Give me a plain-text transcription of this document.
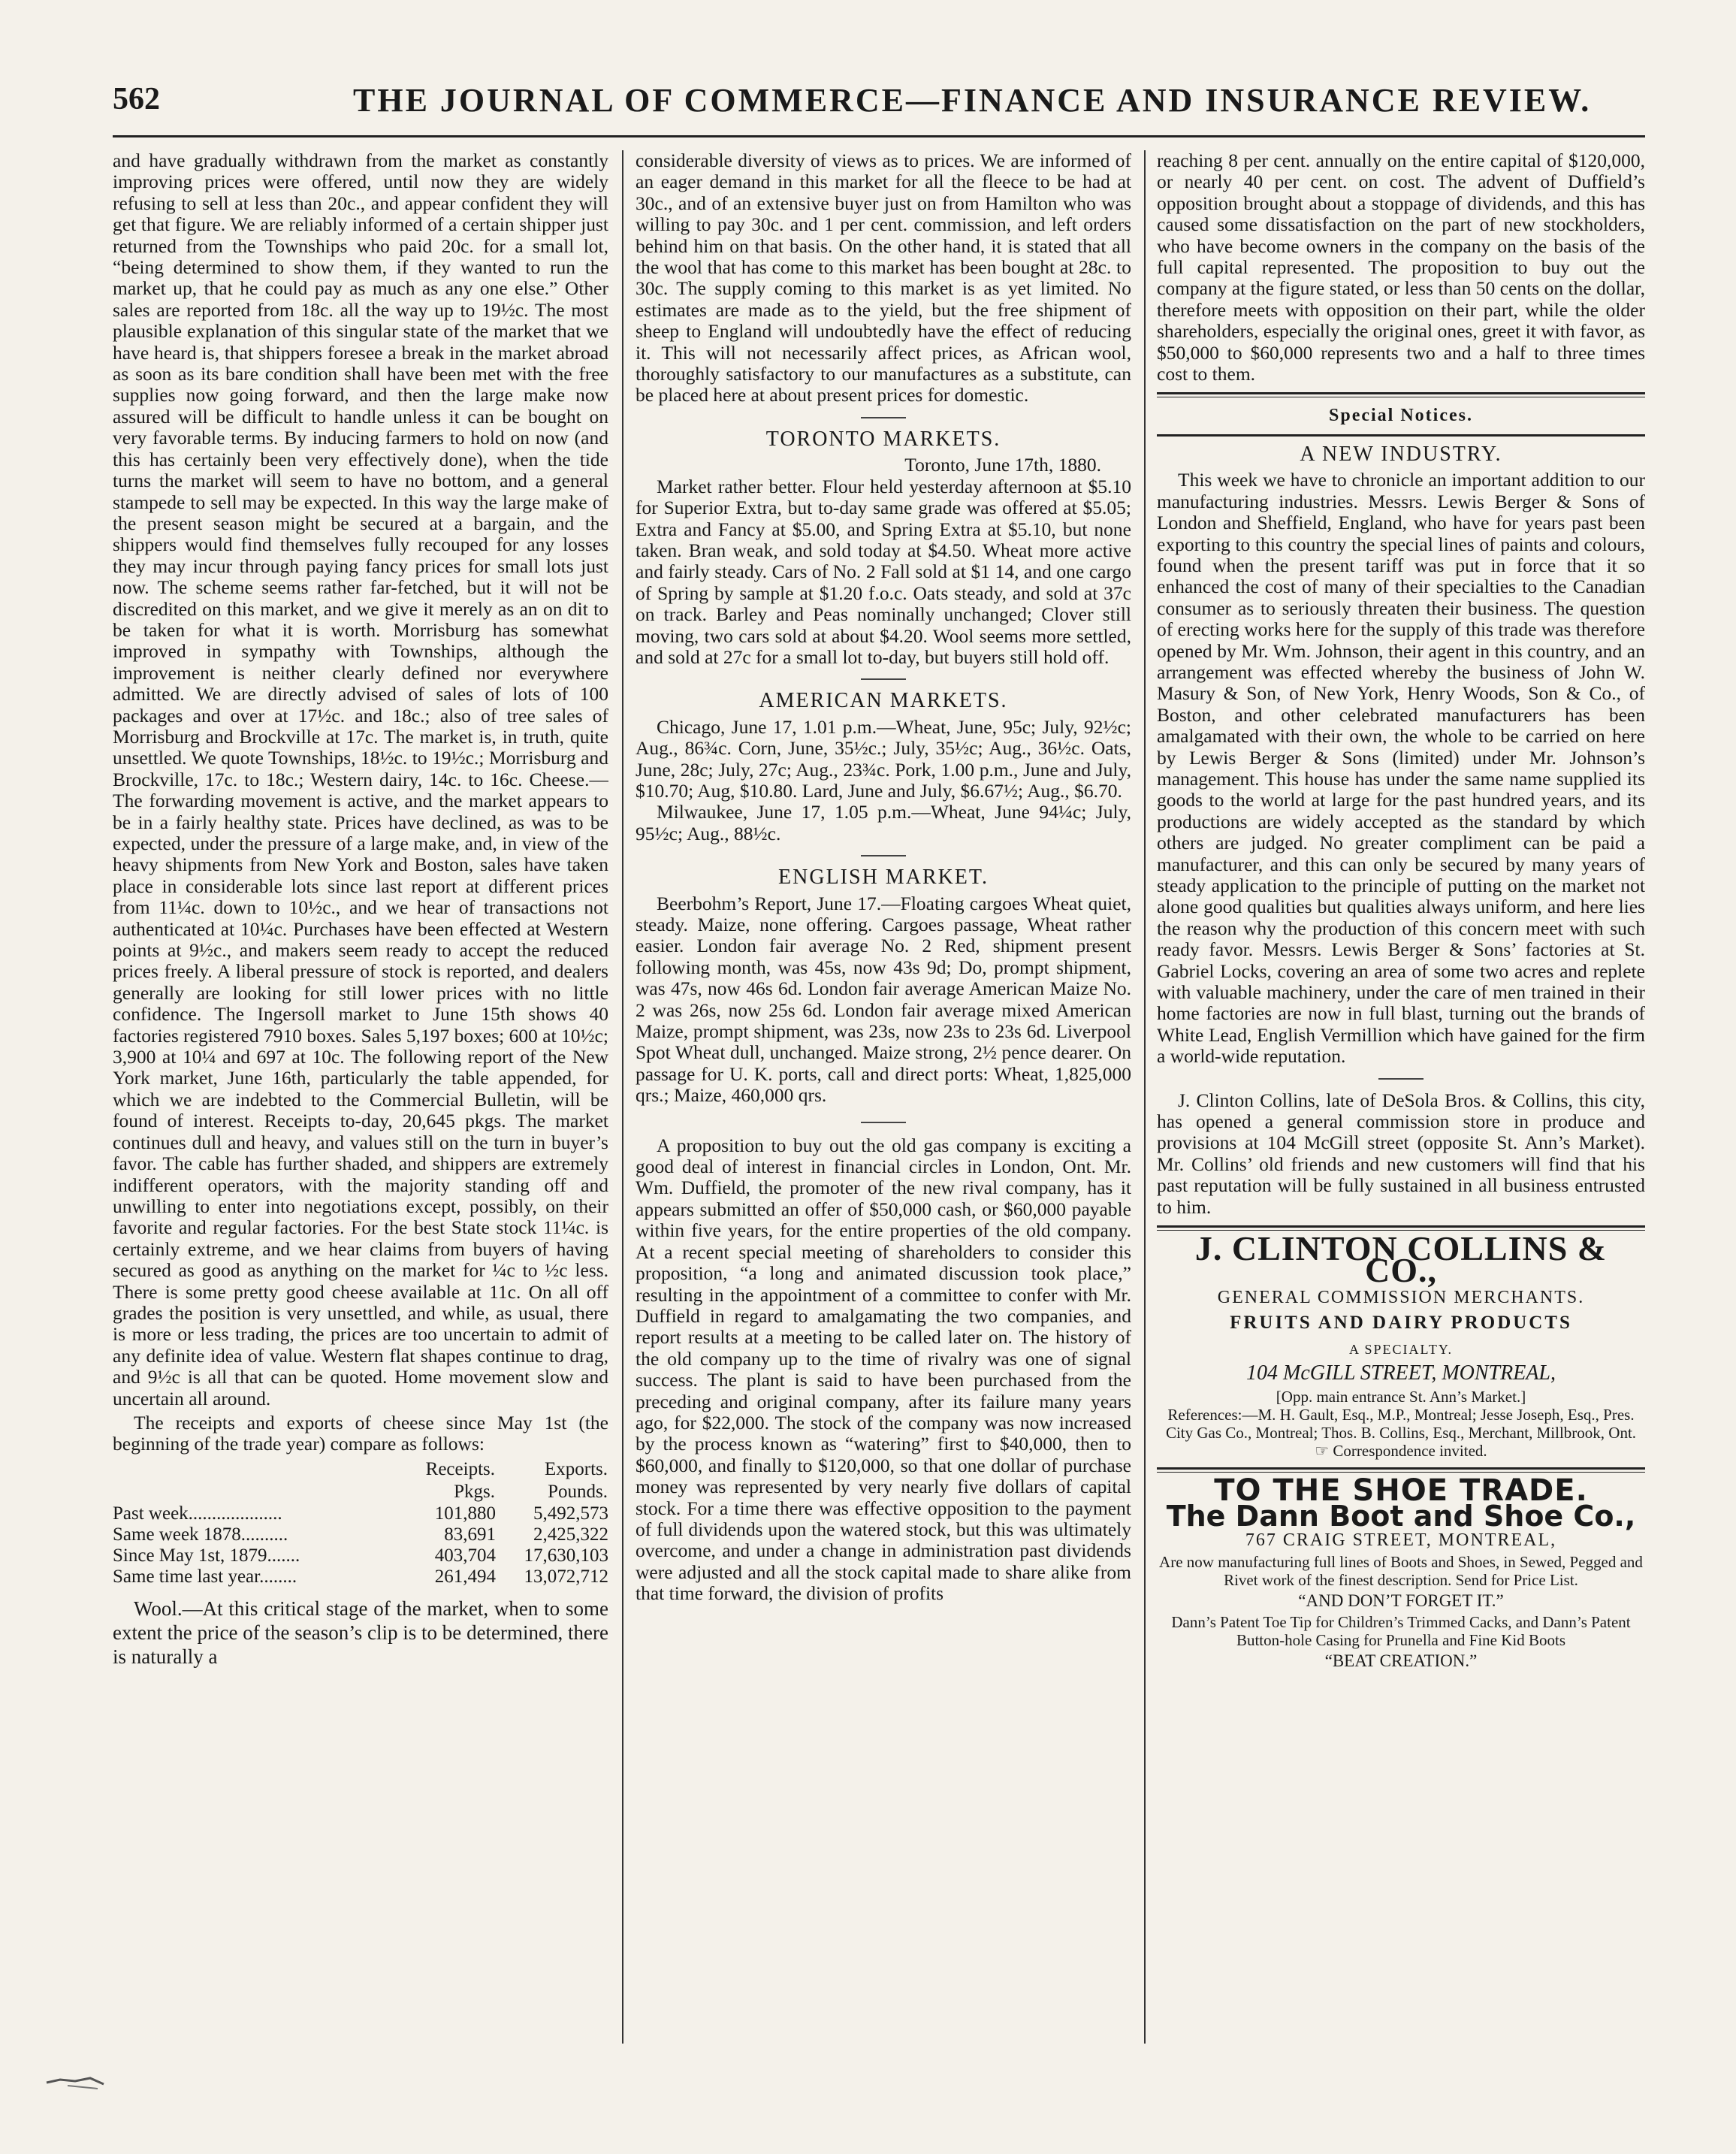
562	THE JOURNAL OF COMMERCE—FINANCE AND INSURANCE REVIEW.

and have gradually withdrawn from the market as constantly improving prices were offered, until now they are widely refusing to sell at less than 20c., and appear confident they will get that figure. We are reliably informed of a certain shipper just returned from the Townships who paid 20c. for a small lot, “being determined to show them, if they wanted to run the market up, that he could pay as much as any one else.” Other sales are reported from 18c. all the way up to 19½c. The most plausible explanation of this singular state of the market that we have heard is, that shippers foresee a break in the market abroad as soon as its bare condition shall have been met with the free supplies now going forward, and then the large make now assured will be difficult to handle unless it can be bought on very favorable terms. By inducing farmers to hold on now (and this has certainly been very effectively done), when the tide turns the market will seem to have no bottom, and a general stampede to sell may be expected. In this way the large make of the present season might be secured at a bargain, and the shippers would find themselves fully recouped for any losses they may incur through paying fancy prices for small lots just now. The scheme seems rather far-fetched, but it will not be discredited on this market, and we give it merely as an on dit to be taken for what it is worth. Morrisburg has somewhat improved in sympathy with Townships, although the improvement is neither clearly defined nor everywhere admitted. We are directly advised of sales of lots of 100 packages and over at 17½c. and 18c.; also of tree sales of Morrisburg and Brockville at 17c. The market is, in truth, quite unsettled. We quote Townships, 18½c. to 19½c.; Morrisburg and Brockville, 17c. to 18c.; Western dairy, 14c. to 16c. Cheese.—The forwarding movement is active, and the market appears to be in a fairly healthy state. Prices have declined, as was to be expected, under the pressure of a large make, and, in view of the heavy shipments from New York and Boston, sales have taken place in considerable lots since last report at different prices from 11¼c. down to 10½c., and we hear of transactions not authenticated at 10¼c. Purchases have been effected at Western points at 9½c., and makers seem ready to accept the reduced prices freely. A liberal pressure of stock is reported, and dealers generally are looking for still lower prices with no little confidence. The Ingersoll market to June 15th shows 40 factories registered 7910 boxes. Sales 5,197 boxes; 600 at 10½c; 3,900 at 10¼ and 697 at 10c. The following report of the New York market, June 16th, particularly the table appended, for which we are indebted to the Commercial Bulletin, will be found of interest. Receipts to-day, 20,645 pkgs. The market continues dull and heavy, and values still on the turn in buyer’s favor. The cable has further shaded, and shippers are extremely indifferent operators, with the majority standing off and unwilling to enter into negotiations except, possibly, on their favorite and regular factories. For the best State stock 11¼c. is certainly extreme, and we hear claims from buyers of having secured as good as anything on the market for ¼c to ½c less. There is some pretty good cheese available at 11c. On all off grades the position is very unsettled, and while, as usual, there is more or less trading, the prices are too uncertain to admit of any definite idea of value. Western flat shapes continue to drag, and 9½c is all that can be quoted. Home movement slow and uncertain all around.

The receipts and exports of cheese since May 1st (the beginning of the trade year) compare as follows:

	Receipts.	Exports.
	Pkgs.	Pounds.
Past week....................	101,880	5,492,573
Same week 1878..........	83,691	2,425,322
Since May 1st, 1879.......	403,704	17,630,103
Same time last year........	261,494	13,072,712

Wool.—At this critical stage of the market, when to some extent the price of the season’s clip is to be determined, there is naturally a

considerable diversity of views as to prices. We are informed of an eager demand in this market for all the fleece to be had at 30c., and of an extensive buyer just on from Hamilton who was willing to pay 30c. and 1 per cent. commission, and left orders behind him on that basis. On the other hand, it is stated that all the wool that has come to this market has been bought at 28c. to 30c. The supply coming to this market is as yet limited. No estimates are made as to the yield, but the free shipment of sheep to England will undoubtedly have the effect of reducing it. This will not necessarily affect prices, as African wool, thoroughly satisfactory to our manufactures as a substitute, can be placed here at about present prices for domestic.

TORONTO MARKETS.

Toronto, June 17th, 1880.

Market rather better. Flour held yesterday afternoon at $5.10 for Superior Extra, but to-day same grade was offered at $5.05; Extra and Fancy at $5.00, and Spring Extra at $5.10, but none taken. Bran weak, and sold today at $4.50. Wheat more active and fairly steady. Cars of No. 2 Fall sold at $1 14, and one cargo of Spring by sample at $1.20 f.o.c. Oats steady, and sold at 37c on track. Barley and Peas nominally unchanged; Clover still moving, two cars sold at about $4.20. Wool seems more settled, and sold at 27c for a small lot to-day, but buyers still hold off.

AMERICAN MARKETS.

Chicago, June 17, 1.01 p.m.—Wheat, June, 95c; July, 92½c; Aug., 86¾c. Corn, June, 35½c.; July, 35½c; Aug., 36½c. Oats, June, 28c; July, 27c; Aug., 23¾c. Pork, 1.00 p.m., June and July, $10.70; Aug, $10.80. Lard, June and July, $6.67½; Aug., $6.70.

Milwaukee, June 17, 1.05 p.m.—Wheat, June 94¼c; July, 95½c; Aug., 88½c.

ENGLISH MARKET.

Beerbohm’s Report, June 17.—Floating cargoes Wheat quiet, steady. Maize, none offering. Cargoes passage, Wheat rather easier. London fair average No. 2 Red, shipment present following month, was 45s, now 43s 9d; Do, prompt shipment, was 47s, now 46s 6d. London fair average American Maize No. 2 was 26s, now 25s 6d. London fair average mixed American Maize, prompt shipment, was 23s, now 23s to 23s 6d. Liverpool Spot Wheat dull, unchanged. Maize strong, 2½ pence dearer. On passage for U. K. ports, call and direct ports: Wheat, 1,825,000 qrs.; Maize, 460,000 qrs.

A proposition to buy out the old gas company is exciting a good deal of interest in financial circles in London, Ont. Mr. Wm. Duffield, the promoter of the new rival company, has it appears submitted an offer of $50,000 cash, or $60,000 payable within five years, for the entire properties of the old company. At a recent special meeting of shareholders to consider this proposition, “a long and animated discussion took place,” resulting in the appointment of a committee to confer with Mr. Duffield in regard to amalgamating the two companies, and report results at a meeting to be called later on. The history of the old company up to the time of rivalry was one of signal success. The plant is said to have been purchased from the preceding and original company, after its failure many years ago, for $22,000. The stock of the company was now increased by the process known as “watering” first to $40,000, then to $60,000, and finally to $120,000, so that one dollar of purchase money was represented by very nearly five dollars of capital stock. For a time there was effective opposition to the payment of full dividends upon the watered stock, but this was ultimately overcome, and under a change in administration past dividends were adjusted and all the stock capital made to share alike from that time forward, the division of profits

reaching 8 per cent. annually on the entire capital of $120,000, or nearly 40 per cent. on cost. The advent of Duffield’s opposition brought about a stoppage of dividends, and this has caused some dissatisfaction on the part of new stockholders, who have become owners in the company on the basis of the full capital represented. The proposition to buy out the company at the figure stated, or less than 50 cents on the dollar, therefore meets with opposition on their part, while the older shareholders, especially the original ones, greet it with favor, as $50,000 to $60,000 represents two and a half to three times cost to them.

Special Notices.
A NEW INDUSTRY.

This week we have to chronicle an important addition to our manufacturing industries. Messrs. Lewis Berger & Sons of London and Sheffield, England, who have for years past been exporting to this country the special lines of paints and colours, found when the present tariff was put in force that it so enhanced the cost of many of their specialties to the Canadian consumer as to seriously threaten their business. The question of erecting works here for the supply of this trade was therefore opened by Mr. Wm. Johnson, their agent in this country, and an arrangement was effected whereby the business of John W. Masury & Son, of New York, Henry Woods, Son & Co., of Boston, and other celebrated manufacturers has been amalgamated with their own, the whole to be carried on here by Lewis Berger & Sons (limited) under Mr. Johnson’s management. This house has under the same name supplied its goods to the world at large for the past hundred years, and its productions are widely accepted as the standard by which others are judged. No greater compliment can be paid a manufacturer, and this can only be secured by many years of steady application to the principle of putting on the market not alone good qualities but qualities always uniform, and here lies the reason why the production of this concern meet with such ready favor. Messrs. Lewis Berger & Sons’ factories at St. Gabriel Locks, covering an area of some two acres and replete with valuable machinery, under the care of men trained in their home factories are now in full blast, turning out the brands of White Lead, English Vermillion which have gained for the firm a world-wide reputation.

J. Clinton Collins, late of DeSola Bros. & Collins, this city, has opened a general commission store in produce and provisions at 104 McGill street (opposite St. Ann’s Market). Mr. Collins’ old friends and new customers will find that his past reputation will be fully sustained in all business entrusted to him.

J. CLINTON COLLINS & CO.,
GENERAL COMMISSION MERCHANTS.
FRUITS AND DAIRY PRODUCTS
A SPECIALTY.
104 McGILL STREET, MONTREAL,
[Opp. main entrance St. Ann’s Market.]
References:—M. H. Gault, Esq., M.P., Montreal; Jesse Joseph, Esq., Pres. City Gas Co., Montreal; Thos. B. Collins, Esq., Merchant, Millbrook, Ont.
☞ Correspondence invited.
TO THE SHOE TRADE.
The Dann Boot and Shoe Co.,
767 CRAIG STREET, MONTREAL,
Are now manufacturing full lines of Boots and Shoes, in Sewed, Pegged and Rivet work of the finest description. Send for Price List.
“AND DON’T FORGET IT.”
Dann’s Patent Toe Tip for Children’s Trimmed Cacks, and Dann’s Patent Button-hole Casing for Prunella and Fine Kid Boots
“BEAT CREATION.”
